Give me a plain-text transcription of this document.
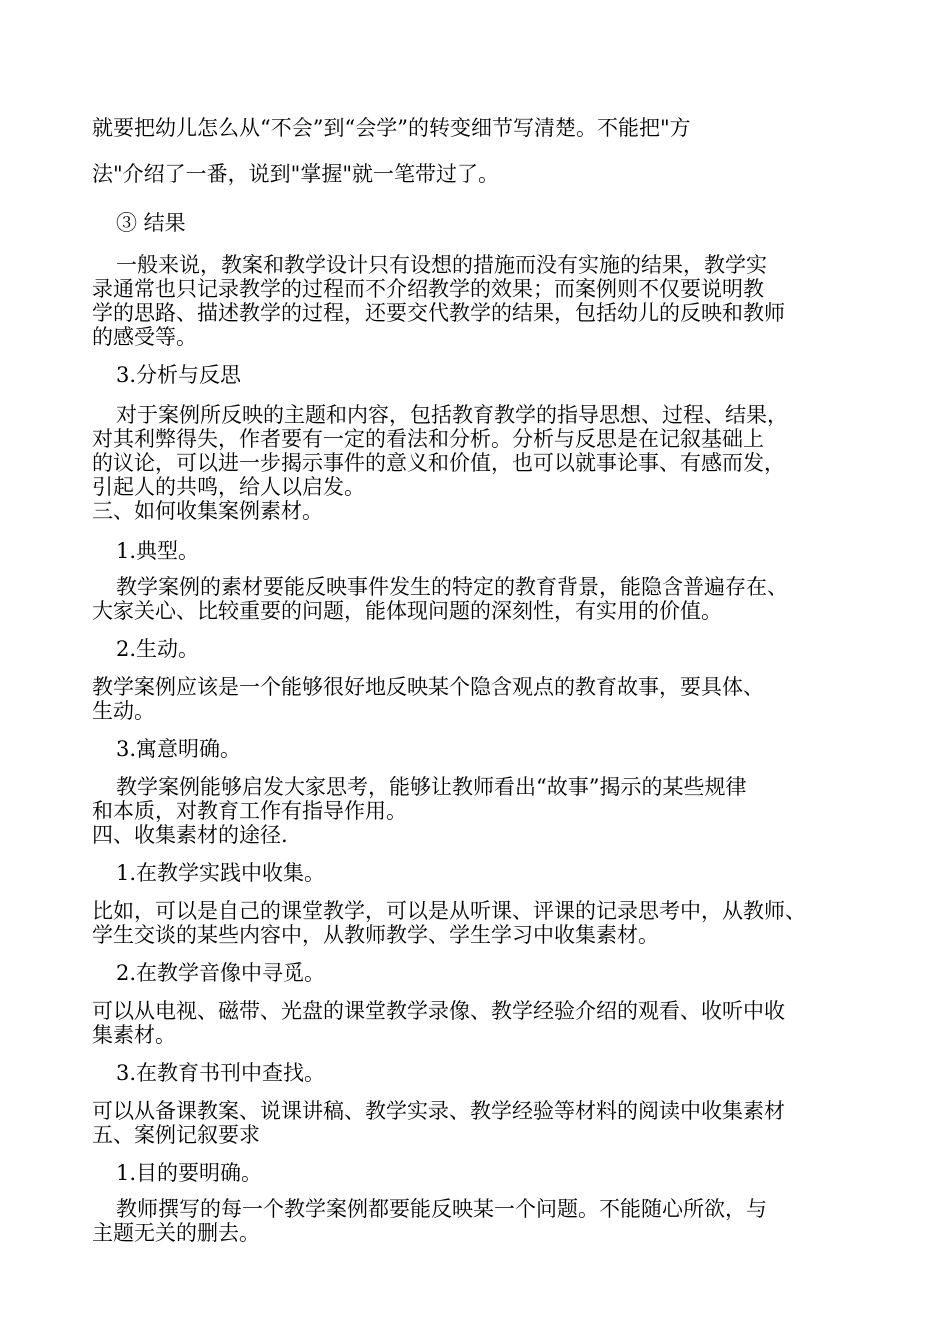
就要把幼儿怎么从“不会”到“会学”的转变细节写清楚。不能把"方

法"介绍了一番，说到"掌握"就一笔带过了。

③ 结果

一般来说，教案和教学设计只有设想的措施而没有实施的结果，教学实

录通常也只记录教学的过程而不介绍教学的效果；而案例则不仅要说明教

学的思路、描述教学的过程，还要交代教学的结果，包括幼儿的反映和教师

的感受等。

3.分析与反思

对于案例所反映的主题和内容，包括教育教学的指导思想、过程、结果，

对其利弊得失，作者要有一定的看法和分析。分析与反思是在记叙基础上

的议论，可以进一步揭示事件的意义和价值，也可以就事论事、有感而发，

引起人的共鸣，给人以启发。

三、如何收集案例素材。

1.典型。

教学案例的素材要能反映事件发生的特定的教育背景，能隐含普遍存在、

大家关心、比较重要的问题，能体现问题的深刻性，有实用的价值。

2.生动。

教学案例应该是一个能够很好地反映某个隐含观点的教育故事，要具体、

生动。

3.寓意明确。

教学案例能够启发大家思考，能够让教师看出“故事”揭示的某些规律

和本质，对教育工作有指导作用。

四、收集素材的途径.

1.在教学实践中收集。

比如，可以是自己的课堂教学，可以是从听课、评课的记录思考中，从教师、

学生交谈的某些内容中，从教师教学、学生学习中收集素材。

2.在教学音像中寻觅。

可以从电视、磁带、光盘的课堂教学录像、教学经验介绍的观看、收听中收

集素材。

3.在教育书刊中查找。

可以从备课教案、说课讲稿、教学实录、教学经验等材料的阅读中收集素材

五、案例记叙要求

1.目的要明确。

教师撰写的每一个教学案例都要能反映某一个问题。不能随心所欲，与

主题无关的删去。
